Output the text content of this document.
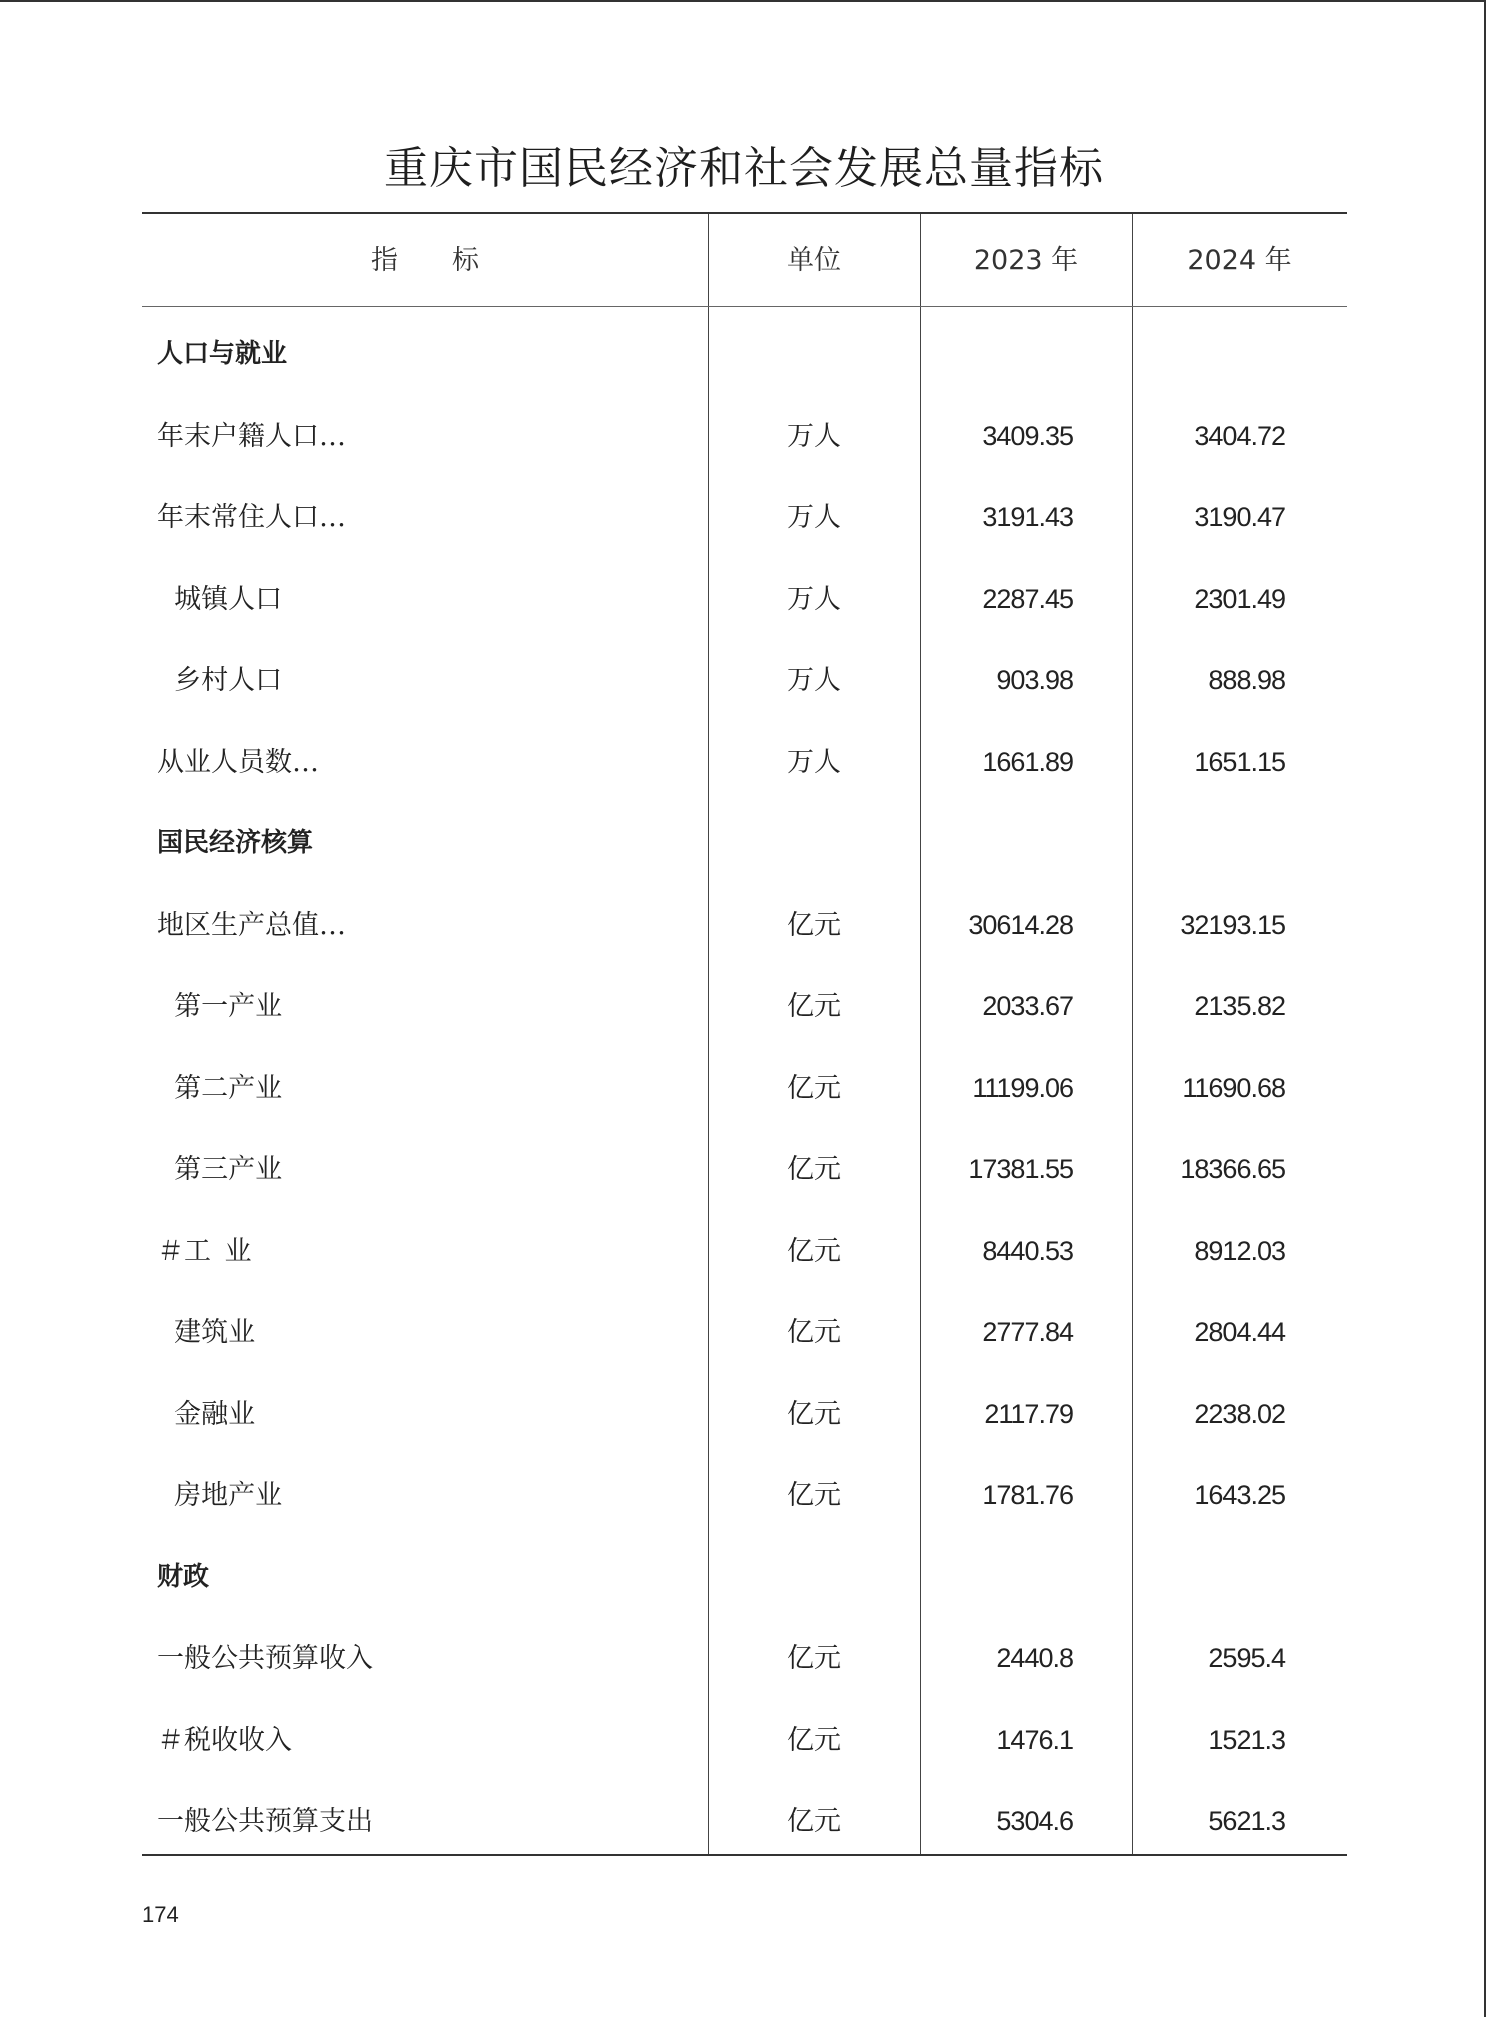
重庆市国民经济和社会发展总量指标
指  标	单位	2023 年	2024 年
人口与就业
年末户籍人口…	万人	3409.35	3404.72
年末常住人口…	万人	3191.43	3190.47
城镇人口	万人	2287.45	2301.49
乡村人口	万人	903.98	888.98
从业人员数…	万人	1661.89	1651.15
国民经济核算
地区生产总值…	亿元	30614.28	32193.15
第一产业	亿元	2033.67	2135.82
第二产业	亿元	11199.06	11690.68
第三产业	亿元	17381.55	18366.65
＃工 业	亿元	8440.53	8912.03
建筑业	亿元	2777.84	2804.44
金融业	亿元	2117.79	2238.02
房地产业	亿元	1781.76	1643.25
财政
一般公共预算收入	亿元	2440.8	2595.4
＃税收收入	亿元	1476.1	1521.3
一般公共预算支出	亿元	5304.6	5621.3
174
